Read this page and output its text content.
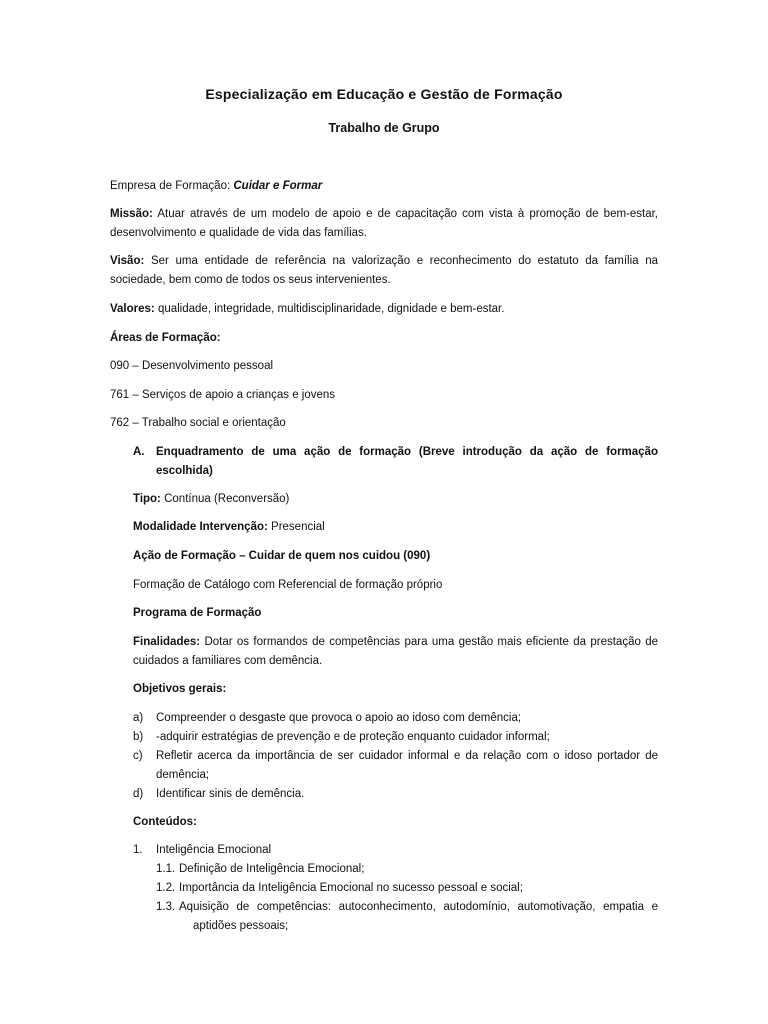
Especialização em Educação e Gestão de Formação
Trabalho de Grupo
Empresa de Formação: Cuidar e Formar
Missão: Atuar através de um modelo de apoio e de capacitação com vista à promoção de bem-estar, desenvolvimento e qualidade de vida das famílias.
Visão: Ser uma entidade de referência na valorização e reconhecimento do estatuto da família na sociedade, bem como de todos os seus intervenientes.
Valores: qualidade, integridade, multidisciplinaridade, dignidade e bem-estar.
Áreas de Formação:
090 – Desenvolvimento pessoal
761 – Serviços de apoio a crianças e jovens
762 – Trabalho social e orientação
A. Enquadramento de uma ação de formação (Breve introdução da ação de formação escolhida)
Tipo: Contínua (Reconversão)
Modalidade Intervenção: Presencial
Ação de Formação – Cuidar de quem nos cuidou (090)
Formação de Catálogo com Referencial de formação próprio
Programa de Formação
Finalidades: Dotar os formandos de competências para uma gestão mais eficiente da prestação de cuidados a familiares com demência.
Objetivos gerais:
a) Compreender o desgaste que provoca o apoio ao idoso com demência;
b) -adquirir estratégias de prevenção e de proteção enquanto cuidador informal;
c) Refletir acerca da importância de ser cuidador informal e da relação com o idoso portador de demência;
d) Identificar sinis de demência.
Conteúdos:
1. Inteligência Emocional
1.1. Definição de Inteligência Emocional;
1.2. Importância da Inteligência Emocional no sucesso pessoal e social;
1.3. Aquisição de competências: autoconhecimento, autodomínio, automotivação, empatia e aptidões pessoais;
